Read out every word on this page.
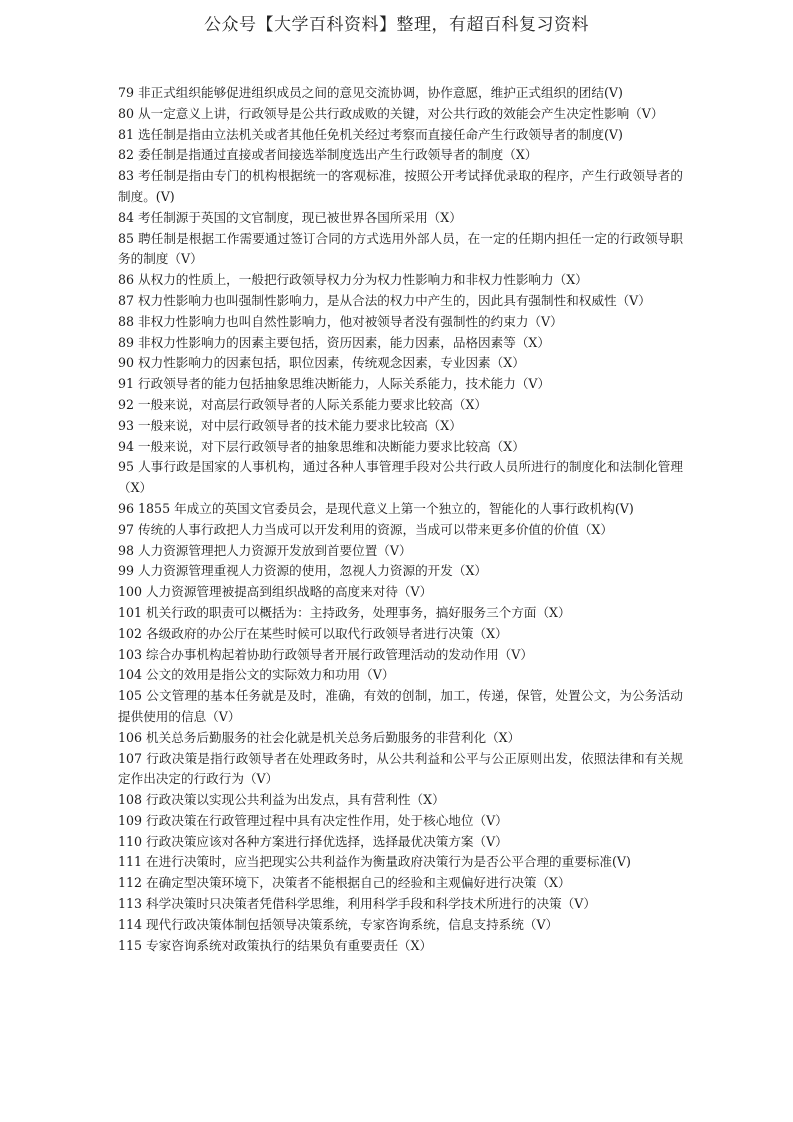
公众号【大学百科资料】整理，有超百科复习资料
79 非正式组织能够促进组织成员之间的意见交流协调，协作意愿，维护正式组织的团结(V)
80 从一定意义上讲，行政领导是公共行政成败的关键，对公共行政的效能会产生决定性影响（V）
81 选任制是指由立法机关或者其他任免机关经过考察而直接任命产生行政领导者的制度(V)
82 委任制是指通过直接或者间接选举制度选出产生行政领导者的制度（X）
83 考任制是指由专门的机构根据统一的客观标准，按照公开考试择优录取的程序，产生行政领导者的制度。(V)
84 考任制源于英国的文官制度，现已被世界各国所采用（X）
85 聘任制是根据工作需要通过签订合同的方式选用外部人员，在一定的任期内担任一定的行政领导职务的制度（V）
86 从权力的性质上，一般把行政领导权力分为权力性影响力和非权力性影响力（X）
87 权力性影响力也叫强制性影响力，是从合法的权力中产生的，因此具有强制性和权威性（V）
88 非权力性影响力也叫自然性影响力，他对被领导者没有强制性的约束力（V）
89 非权力性影响力的因素主要包括，资历因素，能力因素，品格因素等（X）
90 权力性影响力的因素包括，职位因素，传统观念因素，专业因素（X）
91 行政领导者的能力包括抽象思维决断能力，人际关系能力，技术能力（V）
92 一般来说，对高层行政领导者的人际关系能力要求比较高（X）
93 一般来说，对中层行政领导者的技术能力要求比较高（X）
94 一般来说，对下层行政领导者的抽象思维和决断能力要求比较高（X）
95 人事行政是国家的人事机构，通过各种人事管理手段对公共行政人员所进行的制度化和法制化管理（X）
96 1855 年成立的英国文官委员会，是现代意义上第一个独立的，智能化的人事行政机构(V)
97 传统的人事行政把人力当成可以开发利用的资源，当成可以带来更多价值的价值（X）
98 人力资源管理把人力资源开发放到首要位置（V）
99 人力资源管理重视人力资源的使用，忽视人力资源的开发（X）
100 人力资源管理被提高到组织战略的高度来对待（V）
101 机关行政的职责可以概括为：主持政务，处理事务，搞好服务三个方面（X）
102 各级政府的办公厅在某些时候可以取代行政领导者进行决策（X）
103 综合办事机构起着协助行政领导者开展行政管理活动的发动作用（V）
104 公文的效用是指公文的实际效力和功用（V）
105 公文管理的基本任务就是及时，准确，有效的创制，加工，传递，保管，处置公文，为公务活动提供使用的信息（V）
106 机关总务后勤服务的社会化就是机关总务后勤服务的非营利化（X）
107 行政决策是指行政领导者在处理政务时，从公共利益和公平与公正原则出发，依照法律和有关规定作出决定的行政行为（V）
108 行政决策以实现公共利益为出发点，具有营利性（X）
109 行政决策在行政管理过程中具有决定性作用，处于核心地位（V）
110 行政决策应该对各种方案进行择优选择，选择最优决策方案（V）
111 在进行决策时，应当把现实公共利益作为衡量政府决策行为是否公平合理的重要标准(V)
112 在确定型决策环境下，决策者不能根据自己的经验和主观偏好进行决策（X）
113 科学决策时只决策者凭借科学思维，利用科学手段和科学技术所进行的决策（V）
114 现代行政决策体制包括领导决策系统，专家咨询系统，信息支持系统（V）
115 专家咨询系统对政策执行的结果负有重要责任（X）
